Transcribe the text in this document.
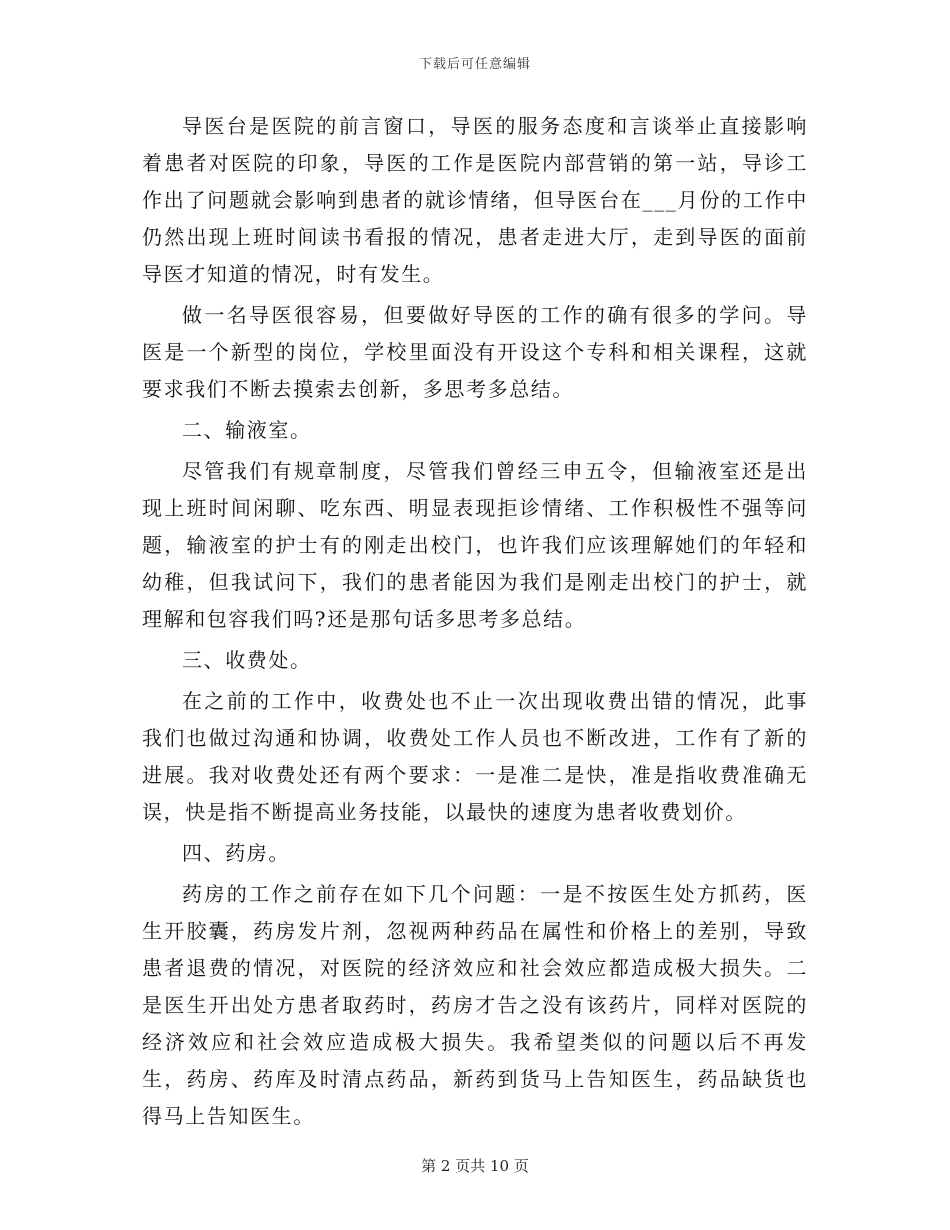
下载后可任意编辑

导医台是医院的前言窗口，导医的服务态度和言谈举止直接影响着患者对医院的印象，导医的工作是医院内部营销的第一站，导诊工作出了问题就会影响到患者的就诊情绪，但导医台在___月份的工作中仍然出现上班时间读书看报的情况，患者走进大厅，走到导医的面前导医才知道的情况，时有发生。

做一名导医很容易，但要做好导医的工作的确有很多的学问。导医是一个新型的岗位，学校里面没有开设这个专科和相关课程，这就要求我们不断去摸索去创新，多思考多总结。

二、输液室。

尽管我们有规章制度，尽管我们曾经三申五令，但输液室还是出现上班时间闲聊、吃东西、明显表现拒诊情绪、工作积极性不强等问题，输液室的护士有的刚走出校门，也许我们应该理解她们的年轻和幼稚，但我试问下，我们的患者能因为我们是刚走出校门的护士，就理解和包容我们吗?还是那句话多思考多总结。

三、收费处。

在之前的工作中，收费处也不止一次出现收费出错的情况，此事我们也做过沟通和协调，收费处工作人员也不断改进，工作有了新的进展。我对收费处还有两个要求：一是准二是快，准是指收费准确无误，快是指不断提高业务技能，以最快的速度为患者收费划价。

四、药房。

药房的工作之前存在如下几个问题：一是不按医生处方抓药，医生开胶囊，药房发片剂，忽视两种药品在属性和价格上的差别，导致患者退费的情况，对医院的经济效应和社会效应都造成极大损失。二是医生开出处方患者取药时，药房才告之没有该药片，同样对医院的经济效应和社会效应造成极大损失。我希望类似的问题以后不再发生，药房、药库及时清点药品，新药到货马上告知医生，药品缺货也得马上告知医生。

第 2 页共 10 页
